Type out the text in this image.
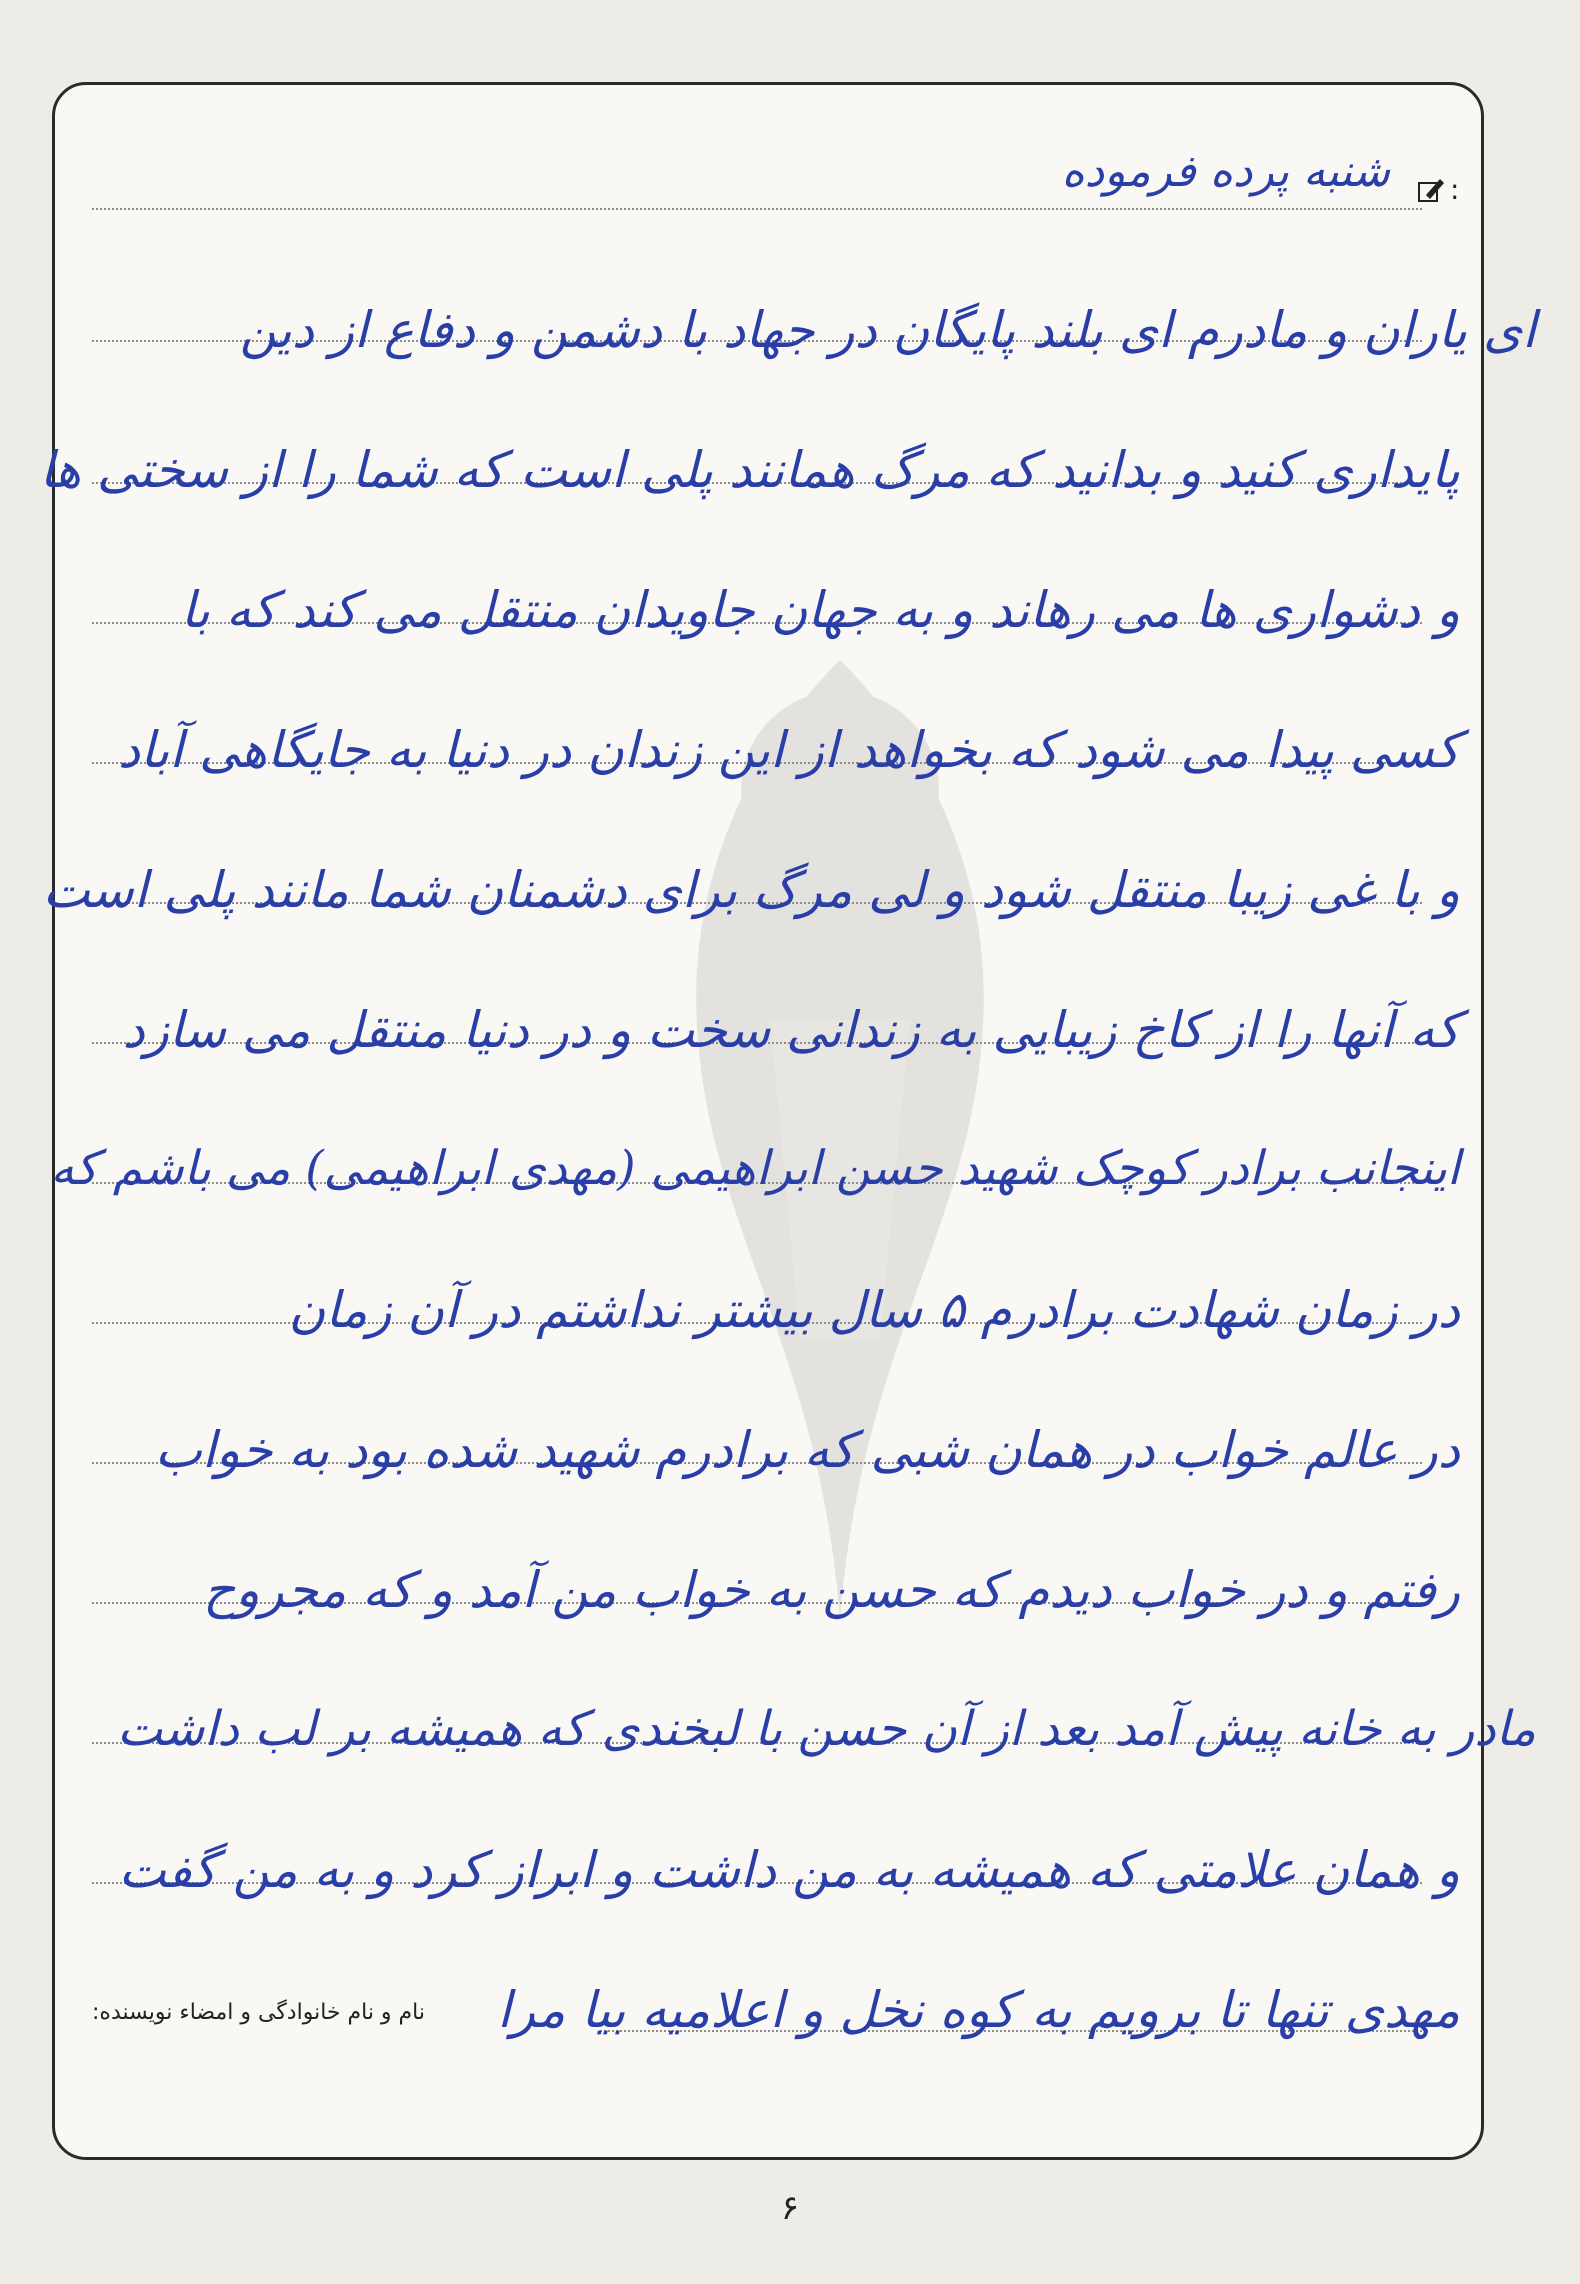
:
شنبه پرده فرموده
ای یاران و مادرم ای بلند پایگان در جهاد با دشمن و دفاع از دین
پایداری کنید و بدانید که مرگ همانند پلی است که شما را از سختی ها
و دشواری ها می رهاند و به جهان جاویدان منتقل می کند که با
کسی پیدا می شود که بخواهد از این زندان در دنیا به جایگاهی آباد
و با غی زیبا منتقل شود و لی مرگ برای دشمنان شما مانند پلی است
که آنها را از کاخ زیبایی به زندانی سخت و در دنیا منتقل می سازد
اینجانب برادر کوچک شهید حسن ابراهیمی (مهدی ابراهیمی) می باشم که
در زمان شهادت برادرم ۵ سال بیشتر نداشتم در آن زمان
در عالم خواب در همان شبی که برادرم شهید شده بود به خواب
رفتم و در خواب دیدم که حسن به خواب من آمد و که مجروح
مادر به خانه پیش آمد بعد از آن حسن با لبخندی که همیشه بر لب داشت
و همان علامتی که همیشه به من داشت و ابراز کرد و به من گفت
مهدی تنها تا برویم به کوه نخل و اعلامیه بیا مرا
نام و نام خانوادگی و امضاء نویسنده:
۶
